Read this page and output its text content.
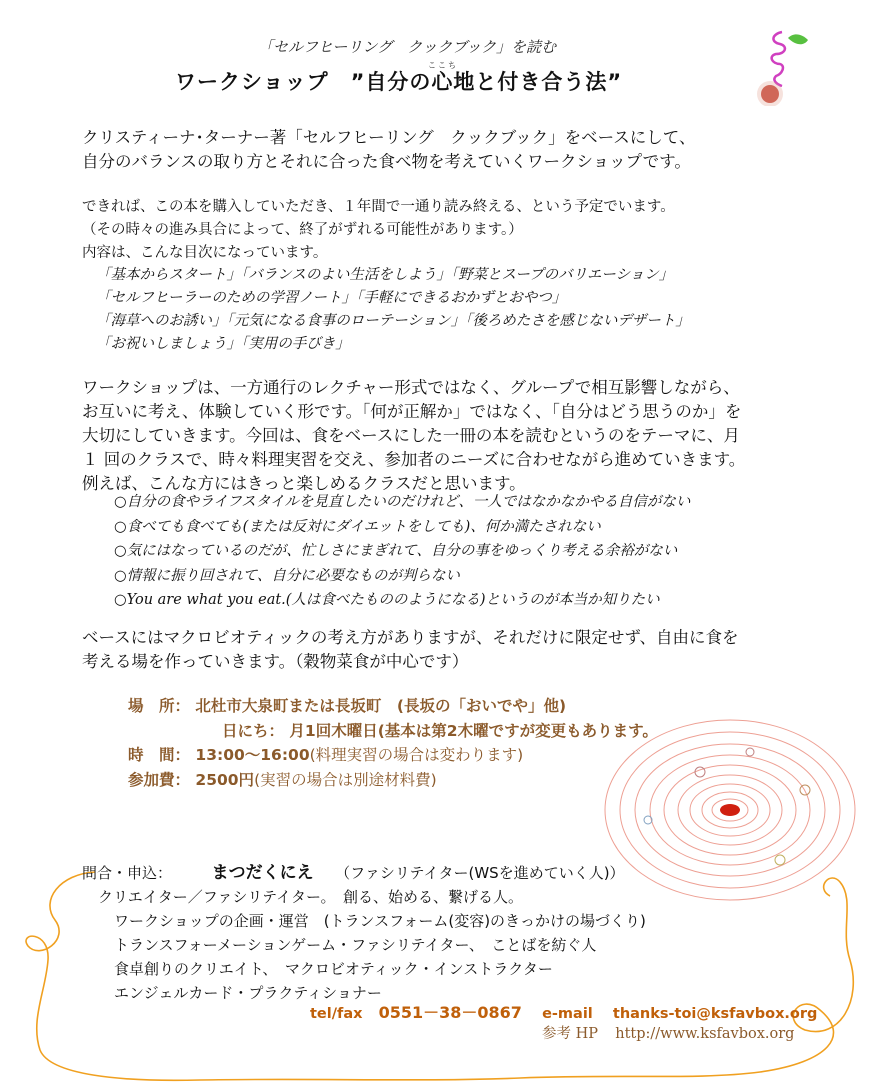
「セルフヒーリング　クックブック」を読む
ここち
ワークショップ　”自分の心地と付き合う法”
クリスティーナ･ターナー著「セルフヒーリング　クックブック」をベースにして、
自分のバランスの取り方とそれに合った食べ物を考えていくワークショップです。
できれば、この本を購入していただき、１年間で一通り読み終える、という予定でいます。
（その時々の進み具合によって、終了がずれる可能性があります。）
内容は、こんな目次になっています。
「基本からスタート」「バランスのよい生活をしよう」「野菜とスープのバリエーション」
「セルフヒーラーのための学習ノート」「手軽にできるおかずとおやつ」
「海草へのお誘い」「元気になる食事のローテーション」「後ろめたさを感じないデザート」
「お祝いしましょう」「実用の手びき」
ワークショップは、一方通行のレクチャー形式ではなく、グループで相互影響しながら、
お互いに考え、体験していく形です。「何が正解か」ではなく、「自分はどう思うのか」を
大切にしていきます。今回は、食をベースにした一冊の本を読むというのをテーマに、月
１ 回のクラスで、時々料理実習を交え、参加者のニーズに合わせながら進めていきます。
例えば、こんな方にはきっと楽しめるクラスだと思います。
○自分の食やライフスタイルを見直したいのだけれど、一人ではなかなかやる自信がない
○食べても食べても(または反対にダイエットをしても)、何か満たされない
○気にはなっているのだが、忙しさにまぎれて、自分の事をゆっくり考える余裕がない
○情報に振り回されて、自分に必要なものが判らない
○You are what you eat.(人は食べたもののようになる)というのが本当か知りたい
ベースにはマクロビオティックの考え方がありますが、それだけに限定せず、自由に食を
考える場を作っていきます。（穀物菜食が中心です）
場　所： 北杜市大泉町または長坂町　(長坂の「おいでや」他)
日にち： 月1回木曜日(基本は第2木曜ですが変更もあります。
時　間： 13:00～16:00(料理実習の場合は変わります)
参加費： 2500円(実習の場合は別途材料費)
問合・申込： まつだくにえ （ファシリテイター(WSを進めていく人)）
クリエイター／ファシリテイター。　創る、始める、繋げる人。
ワークショップの企画・運営　(トランスフォーム(変容)のきっかけの場づくり)
トランスフォーメーションゲーム・ファシリテイター、　ことばを紡ぐ人
食卓創りのクリエイト、　マクロビオティック・インストラクター
エンジェルカード・プラクティショナー
tel/fax 0551－38－0867 e-mail thanks-toi@ksfavbox.org
参考 HP http://www.ksfavbox.org
